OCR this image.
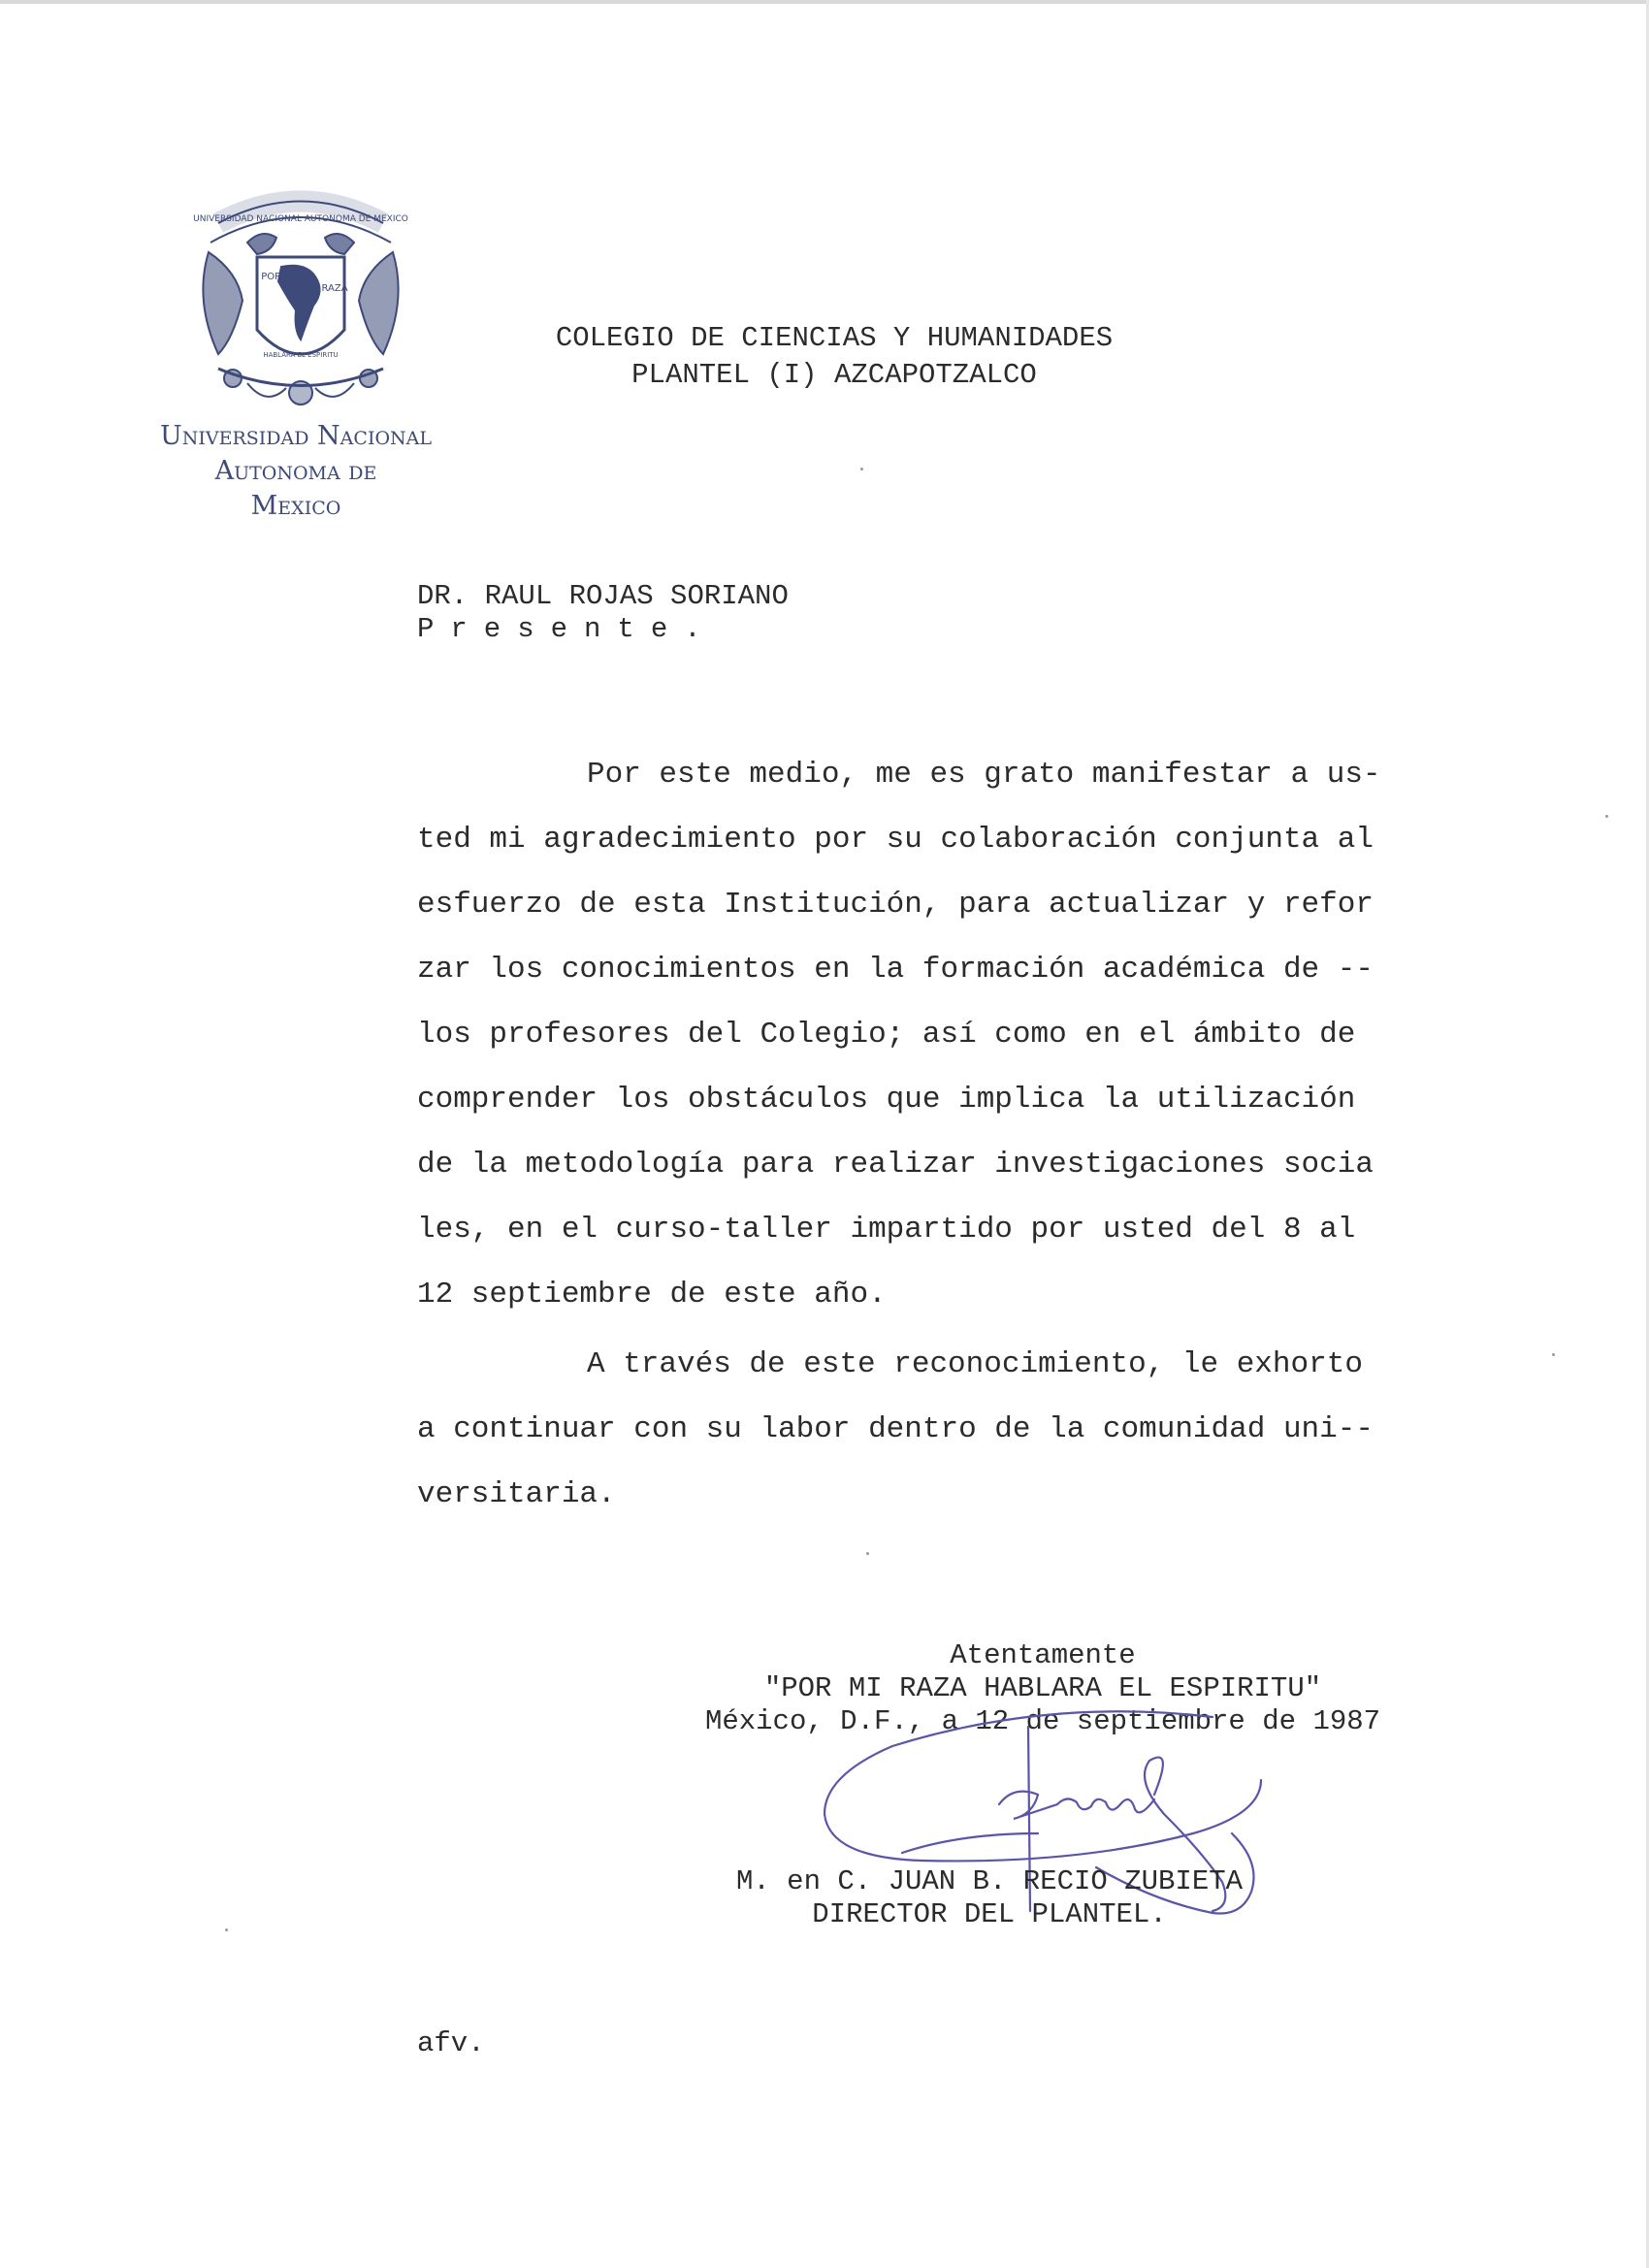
UNIVERSIDAD NACIONAL AUTONOMA DE MEXICO
POR MI
RAZA
HABLARA EL ESPIRITU
Universidad Nacional
Autonoma de
Mexico
COLEGIO DE CIENCIAS Y HUMANIDADES
PLANTEL (I) AZCAPOTZALCO
DR. RAUL ROJAS SORIANO
Presente.
Por este medio, me es grato manifestar a us-
ted mi agradecimiento por su colaboración conjunta al
esfuerzo de esta Institución, para actualizar y refor
zar los conocimientos en la formación académica de --
los profesores del Colegio; así como en el ámbito de
comprender los obstáculos que implica la utilización
de la metodología para realizar investigaciones socia
les, en el curso-taller impartido por usted del 8 al
12 septiembre de este año.
A través de este reconocimiento, le exhorto
a continuar con su labor dentro de la comunidad uni--
versitaria.
Atentamente
"POR MI RAZA HABLARA EL ESPIRITU"
México, D.F., a 12 de septiembre de 1987
M. en C. JUAN B. RECIO ZUBIETA
DIRECTOR DEL PLANTEL.
afv.
